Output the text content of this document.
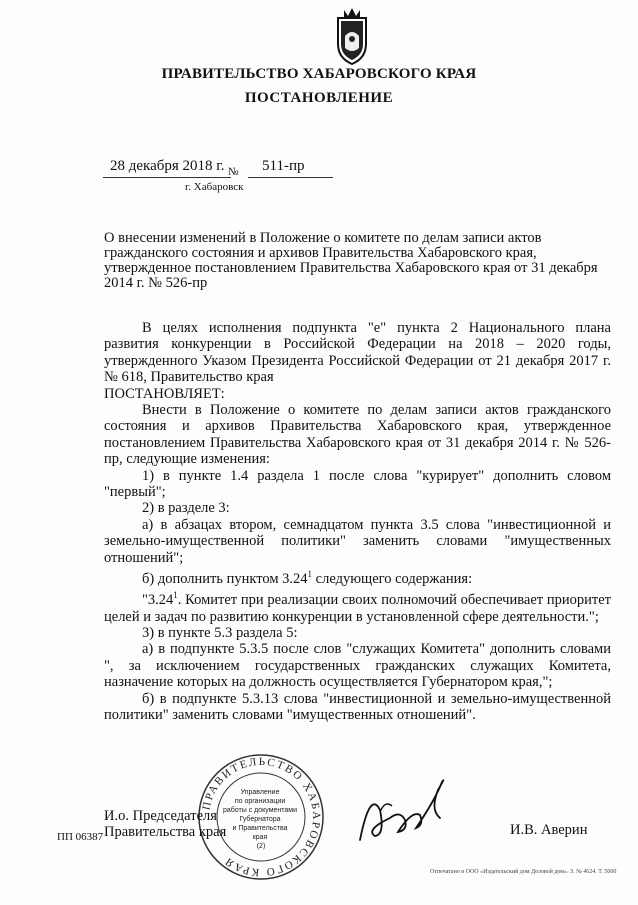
ПРАВИТЕЛЬСТВО ХАБАРОВСКОГО КРАЯ
ПОСТАНОВЛЕНИЕ
28 декабря 2018 г. № 511-пр
г. Хабаровск
О внесении изменений в Положение о комитете по делам записи актов гражданского состояния и архивов Правительства Хабаровского края, утвержденное постановлением Правительства Хабаровского края от 31 декабря 2014 г. № 526-пр

В целях исполнения подпункта "е" пункта 2 Национального плана развития конкуренции в Российской Федерации на 2018 – 2020 годы, утвержденного Указом Президента Российской Федерации от 21 декабря 2017 г. № 618, Правительство края

ПОСТАНОВЛЯЕТ:

Внести в Положение о комитете по делам записи актов гражданского состояния и архивов Правительства Хабаровского края, утвержденное постановлением Правительства Хабаровского края от 31 декабря 2014 г. № 526-пр, следующие изменения:

1) в пункте 1.4 раздела 1 после слова "курирует" дополнить словом "первый";

2) в разделе 3:

а) в абзацах втором, семнадцатом пункта 3.5 слова "инвестиционной и земельно-имущественной политики" заменить словами "имущественных отношений";

б) дополнить пунктом 3.24$^1$ следующего содержания:

"3.24$^1$. Комитет при реализации своих полномочий обеспечивает приоритет целей и задач по развитию конкуренции в установленной сфере деятельности.";

3) в пункте 5.3 раздела 5:

а) в подпункте 5.3.5 после слов "служащих Комитета" дополнить словами ", за исключением государственных гражданских служащих Комитета, назначение которых на должность осуществляется Губернатором края,";

б) в подпункте 5.3.13 слова "инвестиционной и земельно-имущественной политики" заменить словами "имущественных отношений".

ПРАВИТЕЛЬСТВО ХАБАРОВСКОГО КРАЯ
Управление по организации работы с документами Губернатора и Правительства края (2)
И.о. Председателя
Правительства края	И.В. Аверин
ПП 06387
Отпечатано в ООО «Издательский дом Деловой дом». З. № 4624. Т. 5000
